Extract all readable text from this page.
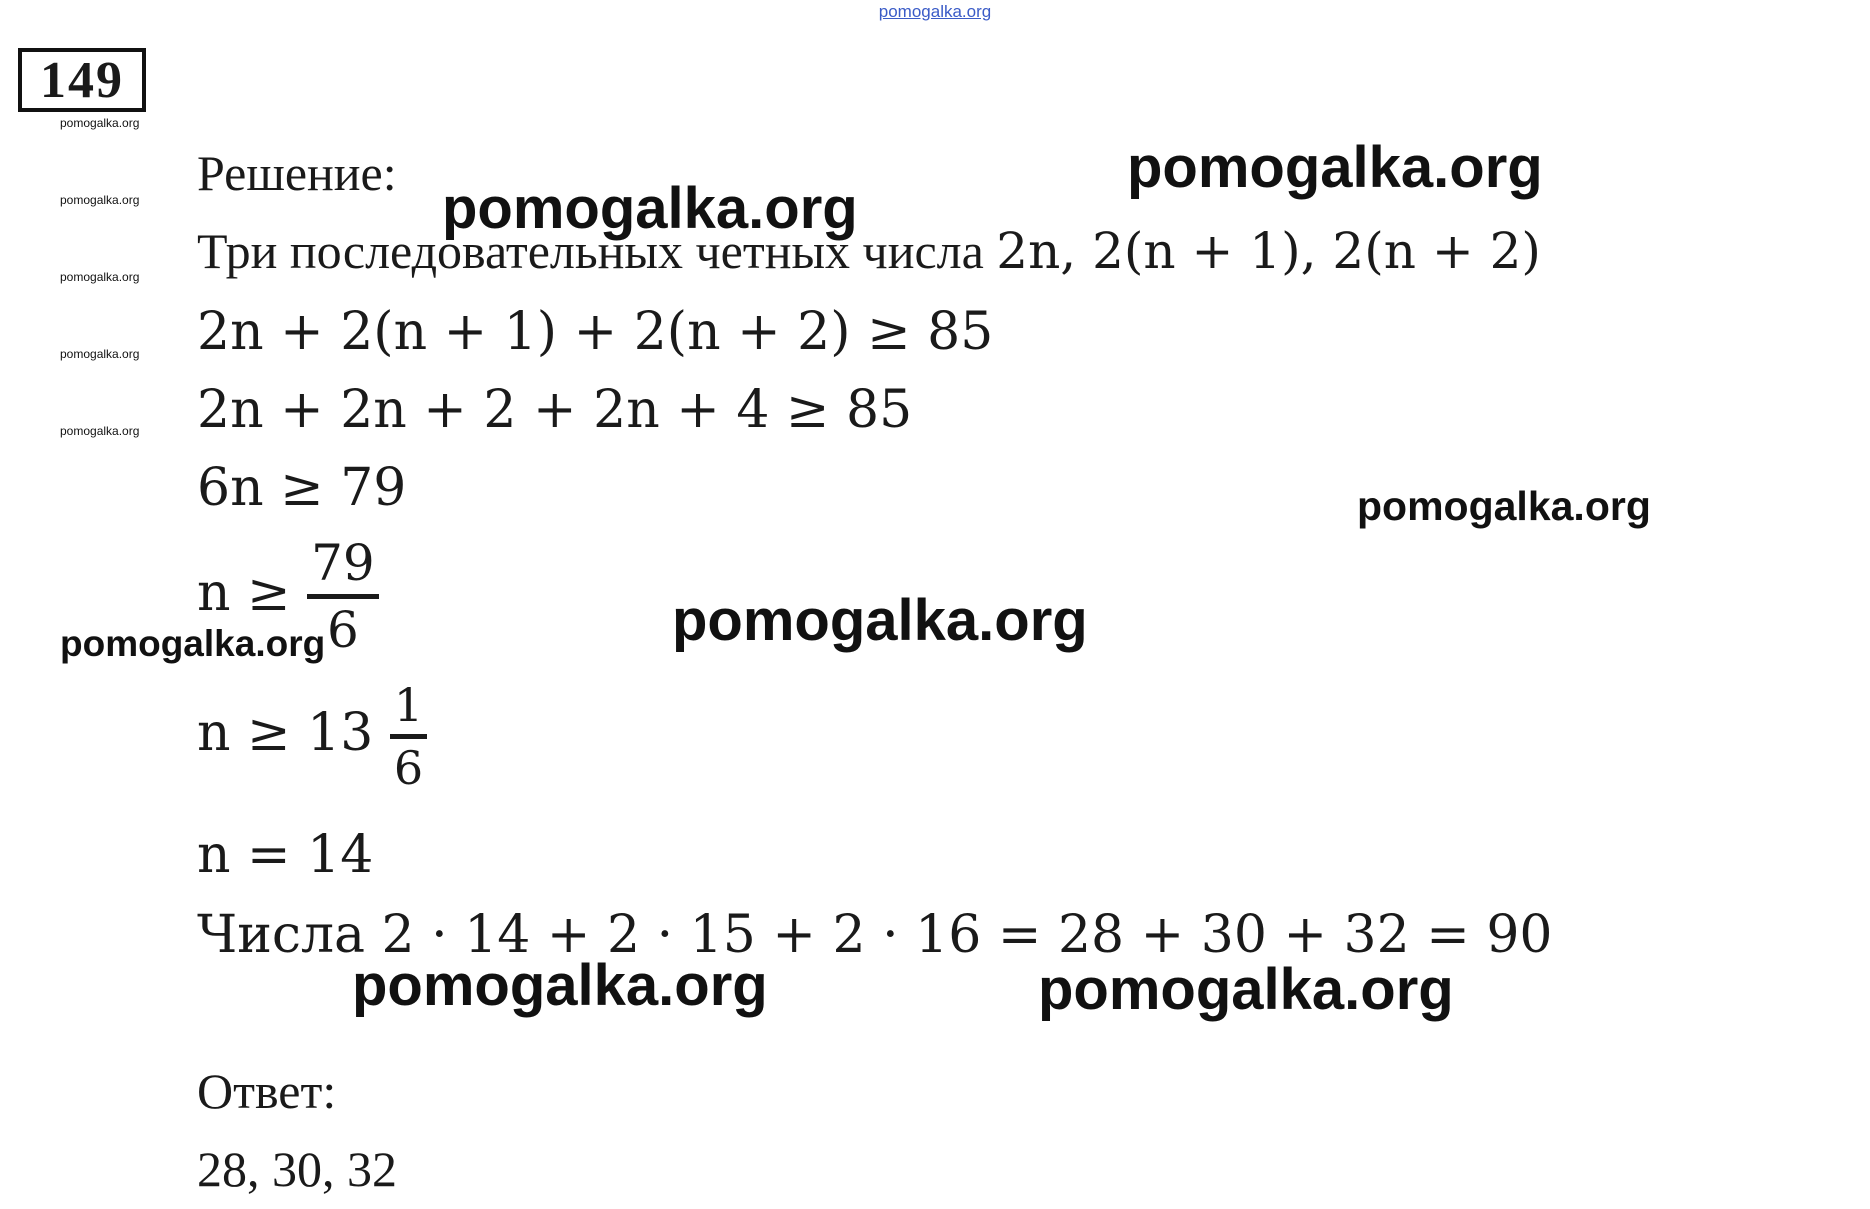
pomogalka.org
149
pomogalka.org
pomogalka.org
pomogalka.org
pomogalka.org
pomogalka.org
Решение:
Три последовательных четных числа 2n, 2(n + 1), 2(n + 2)
2n + 2(n + 1) + 2(n + 2) ≥ 85
2n + 2n + 2 + 2n + 4 ≥ 85
6n ≥ 79
$n \ge \frac{79}{6}$
$n \ge 13 \frac{1}{6}$
n = 14
Числа 2 · 14 + 2 · 15 + 2 · 16 = 28 + 30 + 32 = 90
Ответ:
28, 30, 32
pomogalka.org
pomogalka.org
pomogalka.org
pomogalka.org
pomogalka.org
pomogalka.org	pomogalka.org
